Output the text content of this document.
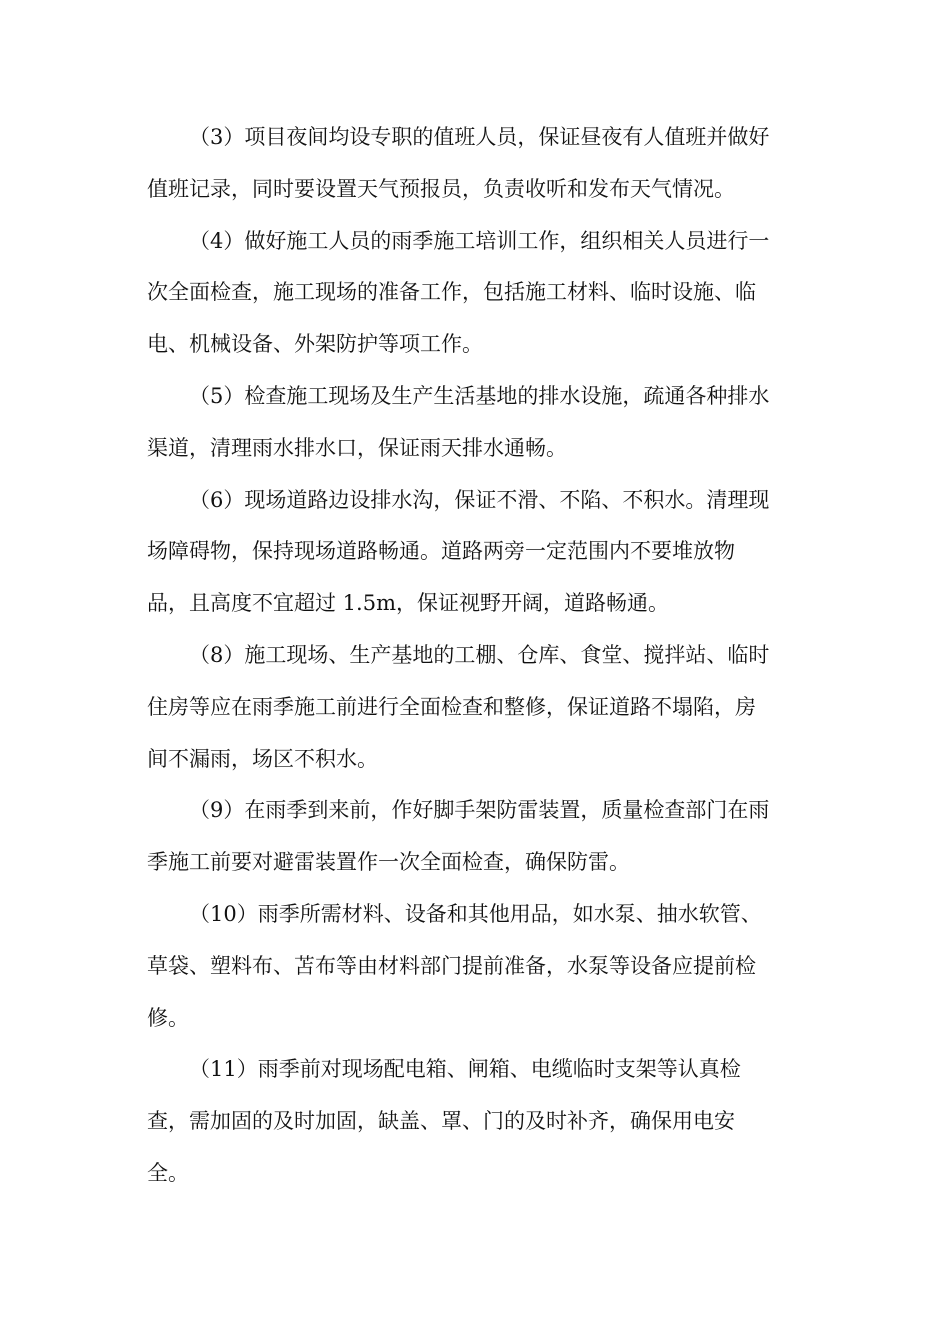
（3）项目夜间均设专职的值班人员，保证昼夜有人值班并做好
值班记录，同时要设置天气预报员，负责收听和发布天气情况。

（4）做好施工人员的雨季施工培训工作，组织相关人员进行一
次全面检查，施工现场的准备工作，包括施工材料、临时设施、临
电、机械设备、外架防护等项工作。

（5）检查施工现场及生产生活基地的排水设施，疏通各种排水
渠道，清理雨水排水口，保证雨天排水通畅。

（6）现场道路边设排水沟，保证不滑、不陷、不积水。清理现
场障碍物，保持现场道路畅通。道路两旁一定范围内不要堆放物
品，且高度不宜超过 1.5m，保证视野开阔，道路畅通。

（8）施工现场、生产基地的工棚、仓库、食堂、搅拌站、临时
住房等应在雨季施工前进行全面检查和整修，保证道路不塌陷，房
间不漏雨，场区不积水。

（9）在雨季到来前，作好脚手架防雷装置，质量检查部门在雨
季施工前要对避雷装置作一次全面检查，确保防雷。

（10）雨季所需材料、设备和其他用品，如水泵、抽水软管、
草袋、塑料布、苫布等由材料部门提前准备，水泵等设备应提前检
修。

（11）雨季前对现场配电箱、闸箱、电缆临时支架等认真检
查，需加固的及时加固，缺盖、罩、门的及时补齐，确保用电安
全。
